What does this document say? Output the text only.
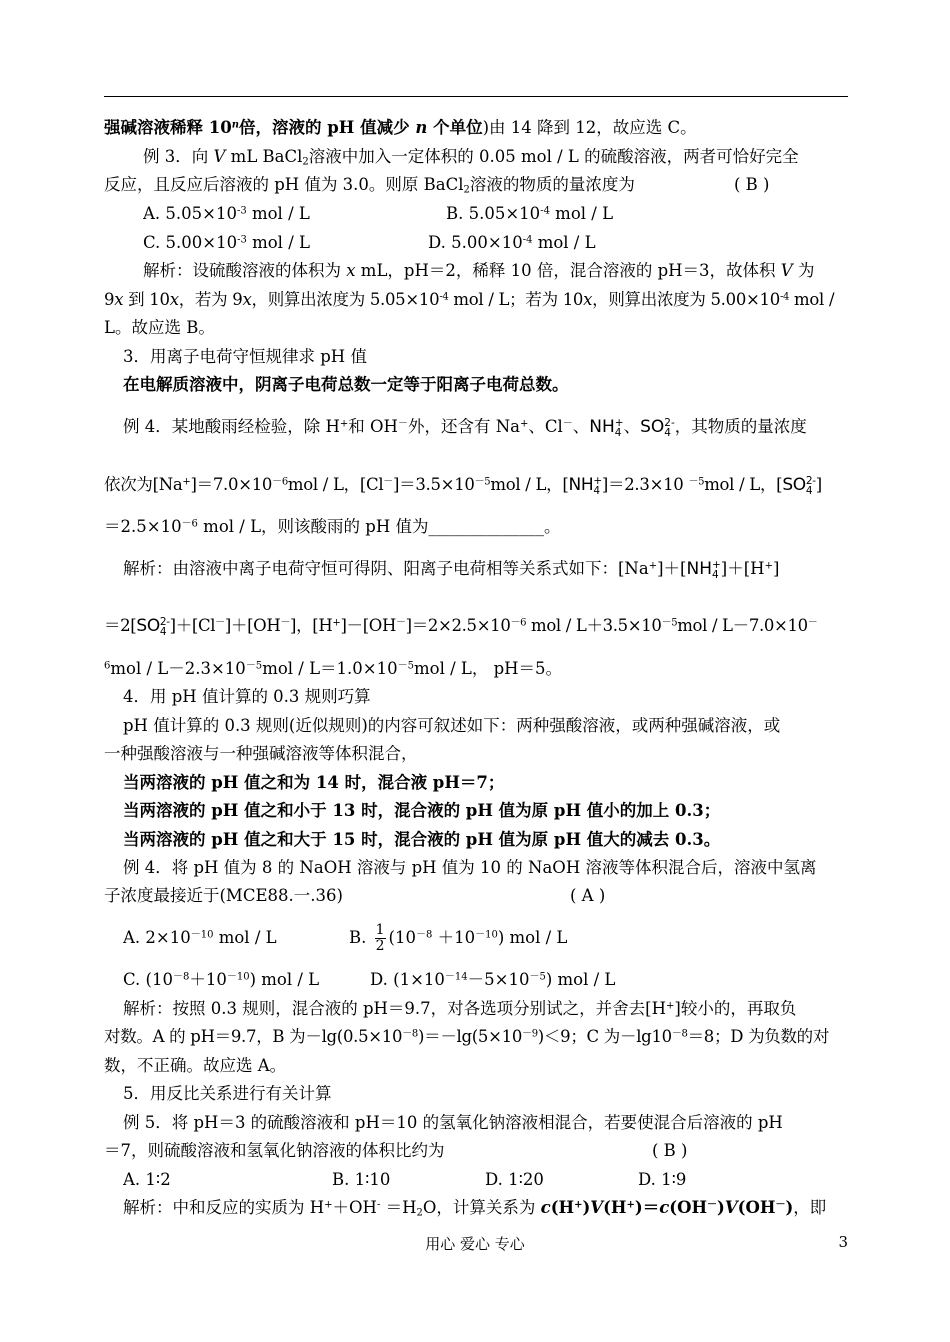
强碱溶液稀释 10$^n$倍，溶液的 pH 值减少 n 个单位)由 14 降到 12，故应选 C。
例 3．向 V mL BaCl$_2$溶液中加入一定体积的 0.05 mol / L 的硫酸溶液，两者可恰好完全
反应，且反应后溶液的 pH 值为 3.0。则原 BaCl$_2$溶液的物质的量浓度为	( B )
A. $5.05\times 10^{-3}$ mol / L	B. $5.05\times 10^{-4}$ mol / L
C. $5.00\times 10^{-3}$ mol / L	D. $5.00\times 10^{-4}$ mol / L
解析：设硫酸溶液的体积为 x mL，pH＝2，稀释 10 倍，混合溶液的 pH＝3，故体积 V 为
9x 到 10x，若为 9x，则算出浓度为 $5.05\times 10^{-4}$ mol / L；若为 10x，则算出浓度为 $5.00\times 10^{-4}$ mol /
L。故应选 B。
3．用离子电荷守恒规律求 pH 值
在电解质溶液中，阴离子电荷总数一定等于阳离子电荷总数。
例 4．某地酸雨经检验，除 H+和 OH－外，还含有 Na+、Cl－、NH +
4 、SO 2-
4 ，其物质的量浓度
依次为$[Na^+]=7.0\times 10^{-6}mol / L$，$[Cl^-]=3.5\times 10^{-5}mol / L$，[NH +
4 ]＝2.3×10 $^{-5}$mol / L，[SO 2-
4 ]
$=2.5\times 10^{-6}$ mol / L，则该酸雨的 pH 值为______________。
解析：由溶液中离子电荷守恒可得阴、阳离子电荷相等关系式如下：[Na+]＋[NH +
4 ]＋[H+]
＝2[SO 2-
4 ]＋[Cl－]＋[OH－]，$[H^+]-[OH^-]=2\times 2.5\times 10^{-6}$ mol / $L+3.5\times 10^{-5}mol / L-7.0\times 10^-$
$^6mol / L-2.3\times 10^{-5}mol / L=1.0\times 10^{-5}mol / L$， pH＝5。
4．用 pH 值计算的 0.3 规则巧算
pH 值计算的 0.3 规则(近似规则)的内容可叙述如下：两种强酸溶液，或两种强碱溶液，或
一种强酸溶液与一种强碱溶液等体积混合，
当两溶液的 pH 值之和为 14 时，混合液 pH＝7；
当两溶液的 pH 值之和小于 13 时，混合液的 pH 值为原 pH 值小的加上 0.3；
当两溶液的 pH 值之和大于 15 时，混合液的 pH 值为原 pH 值大的减去 0.3。
例 4．将 pH 值为 8 的 NaOH 溶液与 pH 值为 10 的 NaOH 溶液等体积混合后，溶液中氢离
子浓度最接近于(MCE88.一.36)	( A )
A. $2\times 10^{-10}$ mol / L	B. $\frac{1}{2} (10^{-8} +10^{-10})$ mol / L
C. $(10^{-8}+10^{-10})$ mol / L	D. $(1\times 10^{-14}-5\times 10^{-5})$ mol / L
解析：按照 0.3 规则，混合液的 pH＝9.7，对各选项分别试之，并舍去[H+]较小的，再取负
对数。A 的 pH＝9.7，B 为$-\lg(0.5\times 10^{-8})=-\lg(5\times 10^{-9})<9$；C 为$-\lg 10^{-8}=8$；D 为负数的对
数，不正确。故应选 A。
5．用反比关系进行有关计算
例 5．将 pH＝3 的硫酸溶液和 pH＝10 的氢氧化钠溶液相混合，若要使混合后溶液的 pH
＝7，则硫酸溶液和氢氧化钠溶液的体积比约为	( B )
A. 1∶2	B. 1∶10	D. 1∶20	D. 1∶9
解析：中和反应的实质为 $H^++OH^- =H_2O$，计算关系为 c(H+)V(H+)＝c(OH－)V(OH－)，即
用心 爱心 专心	3
